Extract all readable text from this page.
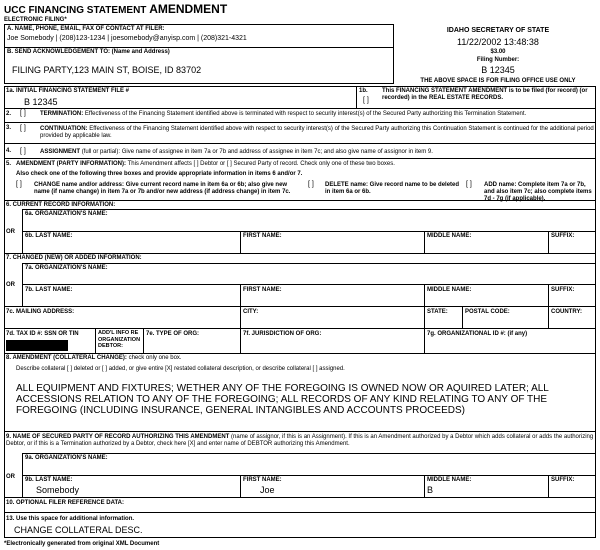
UCC FINANCING STATEMENT AMENDMENT
ELECTRONIC FILING*
A. NAME, PHONE, EMAIL, FAX OF CONTACT AT FILER:
Joe Somebody | (208)123-1234 | joesomebody@anyisp.com | (208)321-4321
B. SEND ACKNOWLEDGEMENT TO: (Name and Address)
FILING PARTY,123 MAIN ST, BOISE, ID 83702
IDAHO SECRETARY OF STATE
11/22/2002 13:48:38
$3.00
Filing Number:
B 12345
THE ABOVE SPACE IS FOR FILING OFFICE USE ONLY
1a. INITIAL FINANCING STATEMENT FILE #
B 12345
1b.
[ ]
This FINANCING STATEMENT AMENDMENT is to be filed (for record) (or recorded) in the REAL ESTATE RECORDS.
2. [ ] TERMINATION: Effectiveness of the Financing Statement identified above is terminated with respect to security interest(s) of the Secured Party authorizing this Termination Statement.
3. [ ] CONTINUATION: Effectiveness of the Financing Statement identified above with respect to security interest(s) of the Secured Party authorizing this Continuation Statement is continued for the additional period provided by applicable law.
4. [ ] ASSIGNMENT (full or partial): Give name of assignee in item 7a or 7b and address of assignee in item 7c; and also give name of assignor in item 9.
5. AMENDMENT (PARTY INFORMATION): This Amendment affects [ ] Debtor or [ ] Secured Party of record. Check only one of these two boxes.
Also check one of the following three boxes and provide appropriate information in items 6 and/or 7.
[ ] CHANGE name and/or address: Give current record name in item 6a or 6b; also give new name (if name change) in item 7a or 7b and/or new address (if address change) in item 7c.
[ ] DELETE name: Give record name to be deleted in item 6a or 6b.
[ ] ADD name: Complete item 7a or 7b, and also item 7c; also complete items 7d - 7g (if applicable).
6. CURRENT RECORD INFORMATION:
6a. ORGANIZATION'S NAME:
OR
6b. LAST NAME:	FIRST NAME:	MIDDLE NAME:	SUFFIX:
7. CHANGED (NEW) OR ADDED INFORMATION:
7a. ORGANIZATION'S NAME:
OR
7b. LAST NAME:	FIRST NAME:	MIDDLE NAME:	SUFFIX:
7c. MAILING ADDRESS:	CITY:	STATE:	POSTAL CODE:	COUNTRY:
7d. TAX ID #: SSN OR TIN	ADD'L INFO RE ORGANIZATION DEBTOR:
7e. TYPE OF ORG:	7f. JURISDICTION OF ORG:	7g. ORGANIZATIONAL ID #: (if any)
8. AMENDMENT (COLLATERAL CHANGE): check only one box.
Describe collateral [ ] deleted or [ ] added, or give entire [X] restated collateral description, or describe collateral [ ] assigned.
ALL EQUIPMENT AND FIXTURES; WETHER ANY OF THE FOREGOING IS OWNED NOW OR AQUIRED LATER; ALL ACCESSIONS RELATION TO ANY OF THE FOREGOING; ALL RECORDS OF ANY KIND RELATING TO ANY OF THE FOREGOING (INCLUDING INSURANCE, GENERAL INTANGIBLES AND ACCOUNTS PROCEEDS)
9. NAME OF SECURED PARTY OF RECORD AUTHORIZING THIS AMENDMENT (name of assignor, if this is an Assignment). If this is an Amendment authorized by a Debtor which adds collateral or adds the authorizing Debtor, or if this is a Termination authorized by a Debtor, check here [X] and enter name of DEBTOR authorizing this Amendment.
9a. ORGANIZATION'S NAME:
OR 9b. LAST NAME:
Somebody
FIRST NAME:
Joe
MIDDLE NAME:
B
SUFFIX:
10. OPTIONAL FILER REFERENCE DATA:
13. Use this space for additional information.
CHANGE COLLATERAL DESC.
*Electronically generated from original XML Document
